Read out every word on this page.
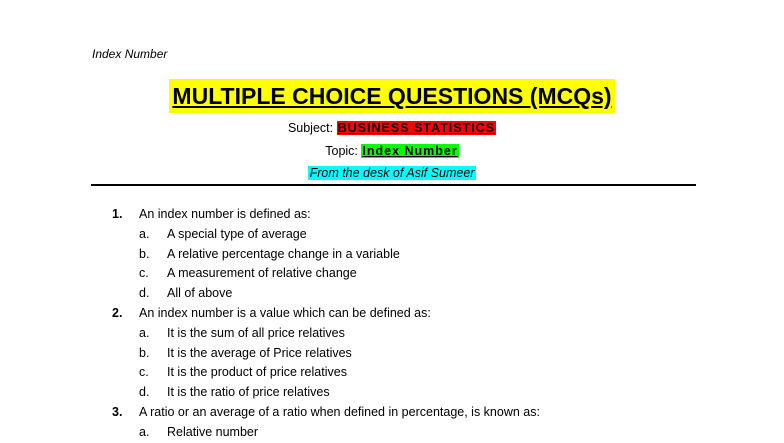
Index Number
MULTIPLE CHOICE QUESTIONS (MCQs)
Subject: BUSINESS STATISTICS
Topic: Index Number
From the desk of Asif Sumeer
1. An index number is defined as:
a. A special type of average
b. A relative percentage change in a variable
c. A measurement of relative change
d. All of above
2. An index number is a value which can be defined as:
a. It is the sum of all price relatives
b. It is the average of Price relatives
c. It is the product of price relatives
d. It is the ratio of price relatives
3. A ratio or an average of a ratio when defined in percentage, is known as:
a. Relative number
